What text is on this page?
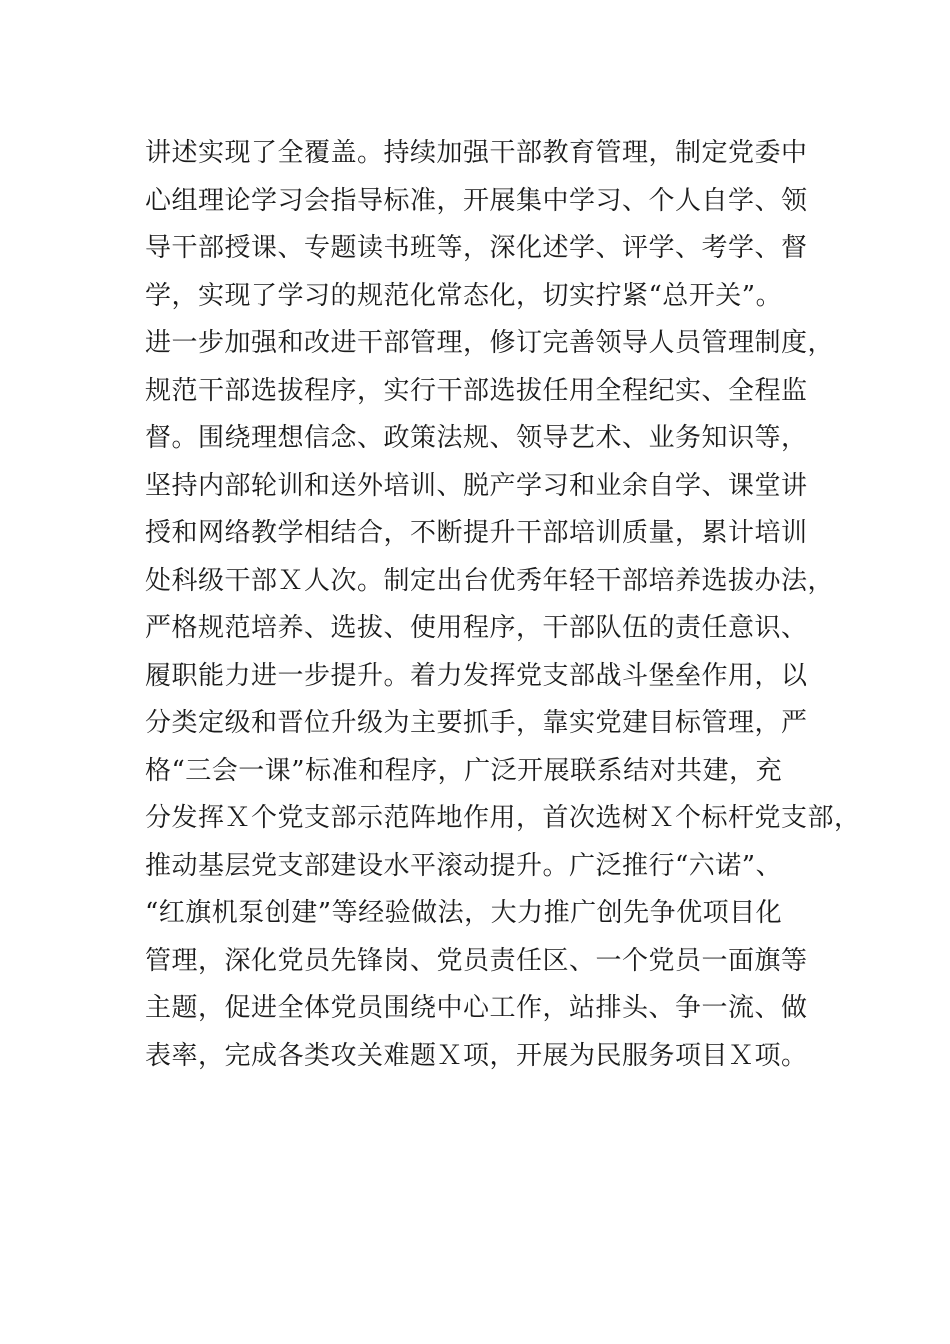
讲述实现了全覆盖。持续加强干部教育管理，制定党委中
心组理论学习会指导标准，开展集中学习、个人自学、领
导干部授课、专题读书班等，深化述学、评学、考学、督
学，实现了学习的规范化常态化，切实拧紧“总开关”。
进一步加强和改进干部管理，修订完善领导人员管理制度，
规范干部选拔程序，实行干部选拔任用全程纪实、全程监
督。围绕理想信念、政策法规、领导艺术、业务知识等，
坚持内部轮训和送外培训、脱产学习和业余自学、课堂讲
授和网络教学相结合，不断提升干部培训质量，累计培训
处科级干部Ｘ人次。制定出台优秀年轻干部培养选拔办法，
严格规范培养、选拔、使用程序，干部队伍的责任意识、
履职能力进一步提升。着力发挥党支部战斗堡垒作用，以
分类定级和晋位升级为主要抓手，靠实党建目标管理，严
格“三会一课”标准和程序，广泛开展联系结对共建，充
分发挥Ｘ个党支部示范阵地作用，首次选树Ｘ个标杆党支部，
推动基层党支部建设水平滚动提升。广泛推行“六诺”、
“红旗机泵创建”等经验做法，大力推广创先争优项目化
管理，深化党员先锋岗、党员责任区、一个党员一面旗等
主题，促进全体党员围绕中心工作，站排头、争一流、做
表率，完成各类攻关难题Ｘ项，开展为民服务项目Ｘ项。
